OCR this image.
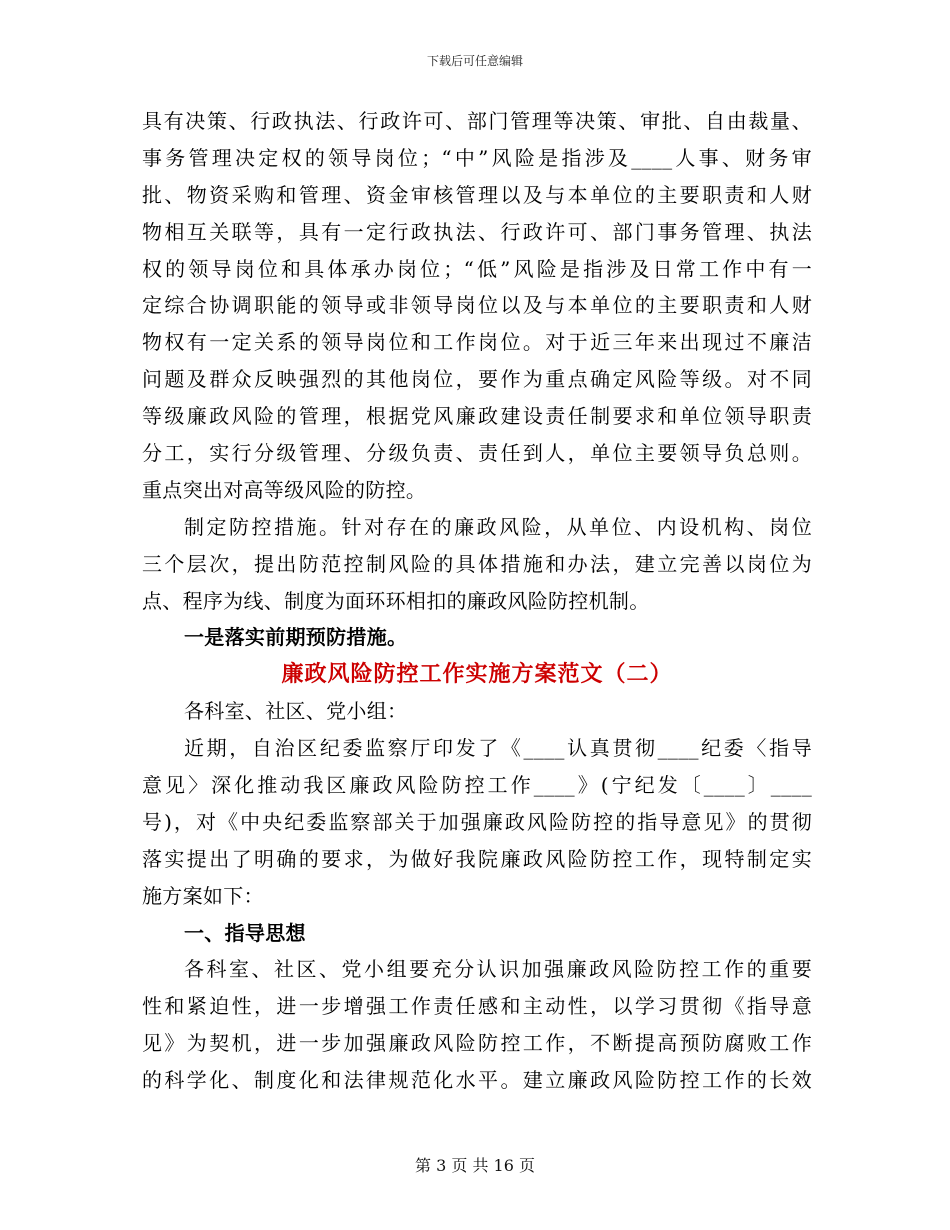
下载后可任意编辑
具有决策、行政执法、行政许可、部门管理等决策、审批、自由裁量、
事务管理决定权的领导岗位；“中”风险是指涉及____人事、财务审
批、物资采购和管理、资金审核管理以及与本单位的主要职责和人财
物相互关联等，具有一定行政执法、行政许可、部门事务管理、执法
权的领导岗位和具体承办岗位；“低”风险是指涉及日常工作中有一
定综合协调职能的领导或非领导岗位以及与本单位的主要职责和人财
物权有一定关系的领导岗位和工作岗位。对于近三年来出现过不廉洁
问题及群众反映强烈的其他岗位，要作为重点确定风险等级。对不同
等级廉政风险的管理，根据党风廉政建设责任制要求和单位领导职责
分工，实行分级管理、分级负责、责任到人，单位主要领导负总则。
重点突出对高等级风险的防控。
制定防控措施。针对存在的廉政风险，从单位、内设机构、岗位
三个层次，提出防范控制风险的具体措施和办法，建立完善以岗位为
点、程序为线、制度为面环环相扣的廉政风险防控机制。
一是落实前期预防措施。
廉政风险防控工作实施方案范文（二）
各科室、社区、党小组：
近期，自治区纪委监察厅印发了《____认真贯彻____纪委〈指导
意见〉深化推动我区廉政风险防控工作____》(宁纪发〔____〕____
号)，对《中央纪委监察部关于加强廉政风险防控的指导意见》的贯彻
落实提出了明确的要求，为做好我院廉政风险防控工作，现特制定实
施方案如下：
一、指导思想
各科室、社区、党小组要充分认识加强廉政风险防控工作的重要
性和紧迫性，进一步增强工作责任感和主动性，以学习贯彻《指导意
见》为契机，进一步加强廉政风险防控工作，不断提高预防腐败工作
的科学化、制度化和法律规范化水平。建立廉政风险防控工作的长效
第 3 页 共 16 页
